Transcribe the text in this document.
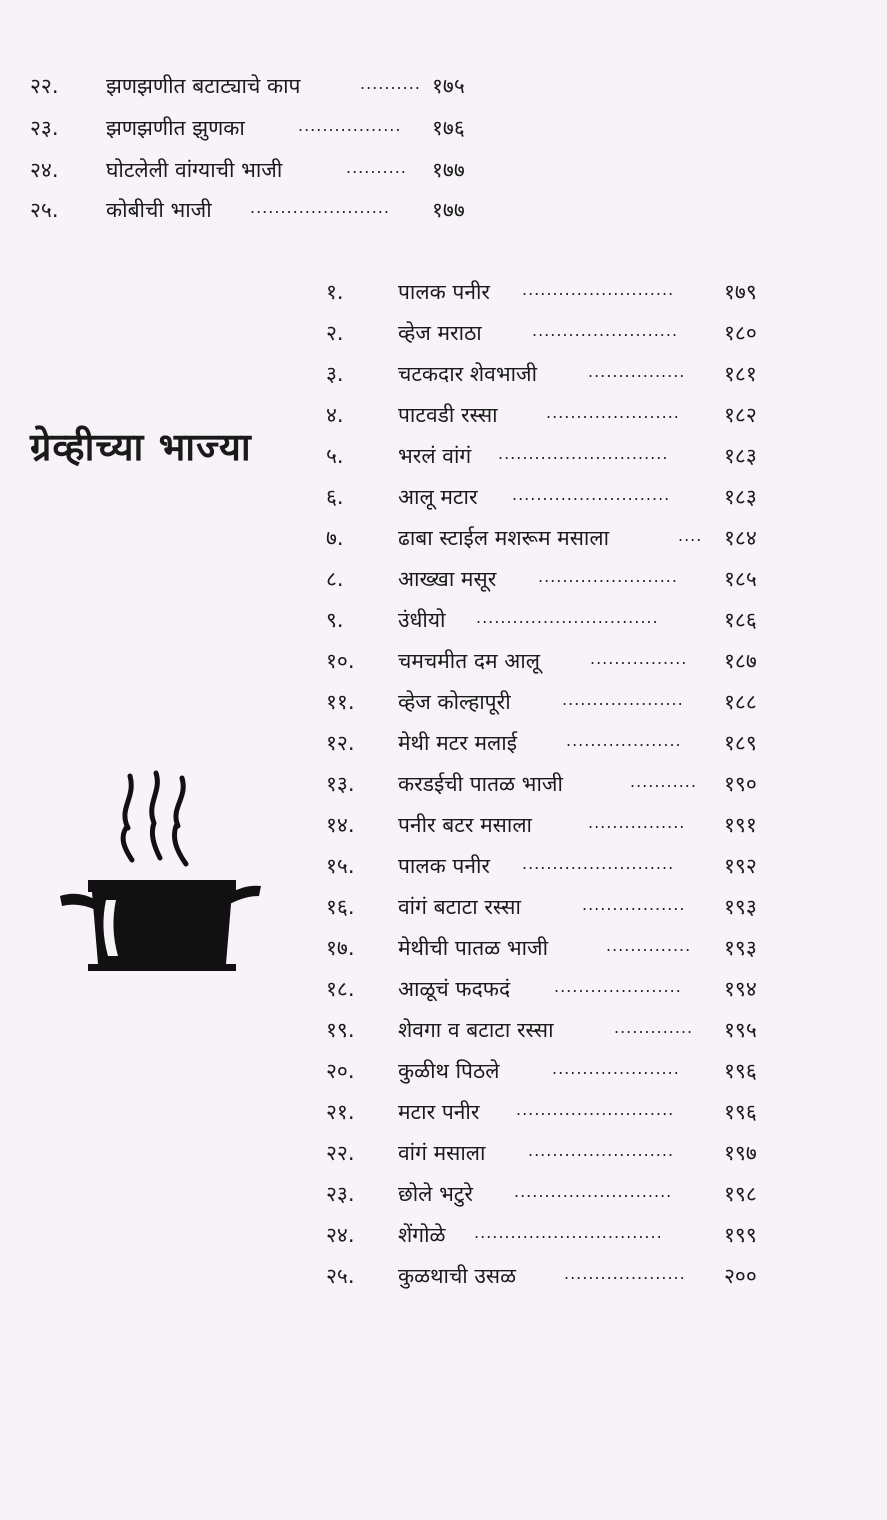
२२. झणझणीत बटाट्याचे काप	.......... १७५
२३. झणझणीत झुणका	.................	१७६
२४. घोटलेली वांग्याची भाजी	..........	१७७
२५. कोबीची भाजी .......................	१७७
ग्रेव्हीच्या भाज्या
१.	पालक पनीर .........................	१७९
२.	व्हेज मराठा	........................	१८०
३.	चटकदार शेवभाजी	................	१८१
४.	पाटवडी रस्सा	......................	१८२
५.	भरलं वांगं ............................	१८३
६.	आलू मटार ..........................	१८३
७.	ढाबा स्टाईल मशरूम मसाला	....	१८४
८.	आख्खा मसूर	.......................	१८५
९.	उंधीयो ..............................	१८६
१०. चमचमीत दम आलू	................	१८७
११. व्हेज कोल्हापूरी	....................	१८८
१२. मेथी मटर मलाई	...................	१८९
१३. करडईची पातळ भाजी	...........	१९०
१४. पनीर बटर मसाला	................	१९१
१५. पालक पनीर .........................	१९२
१६. वांगं बटाटा रस्सा	.................	१९३
१७. मेथीची पातळ भाजी	..............	१९३
१८. आळूचं फदफदं	.....................	१९४
१९. शेवगा व बटाटा रस्सा	.............	१९५
२०. कुळीथ पिठले	.....................	१९६
२१. मटार पनीर ..........................	१९६
२२. वांगं मसाला	........................	१९७
२३. छोले भटुरे	..........................	१९८
२४. शेंगोळे ...............................	१९९
२५. कुळथाची उसळ	....................	२००
